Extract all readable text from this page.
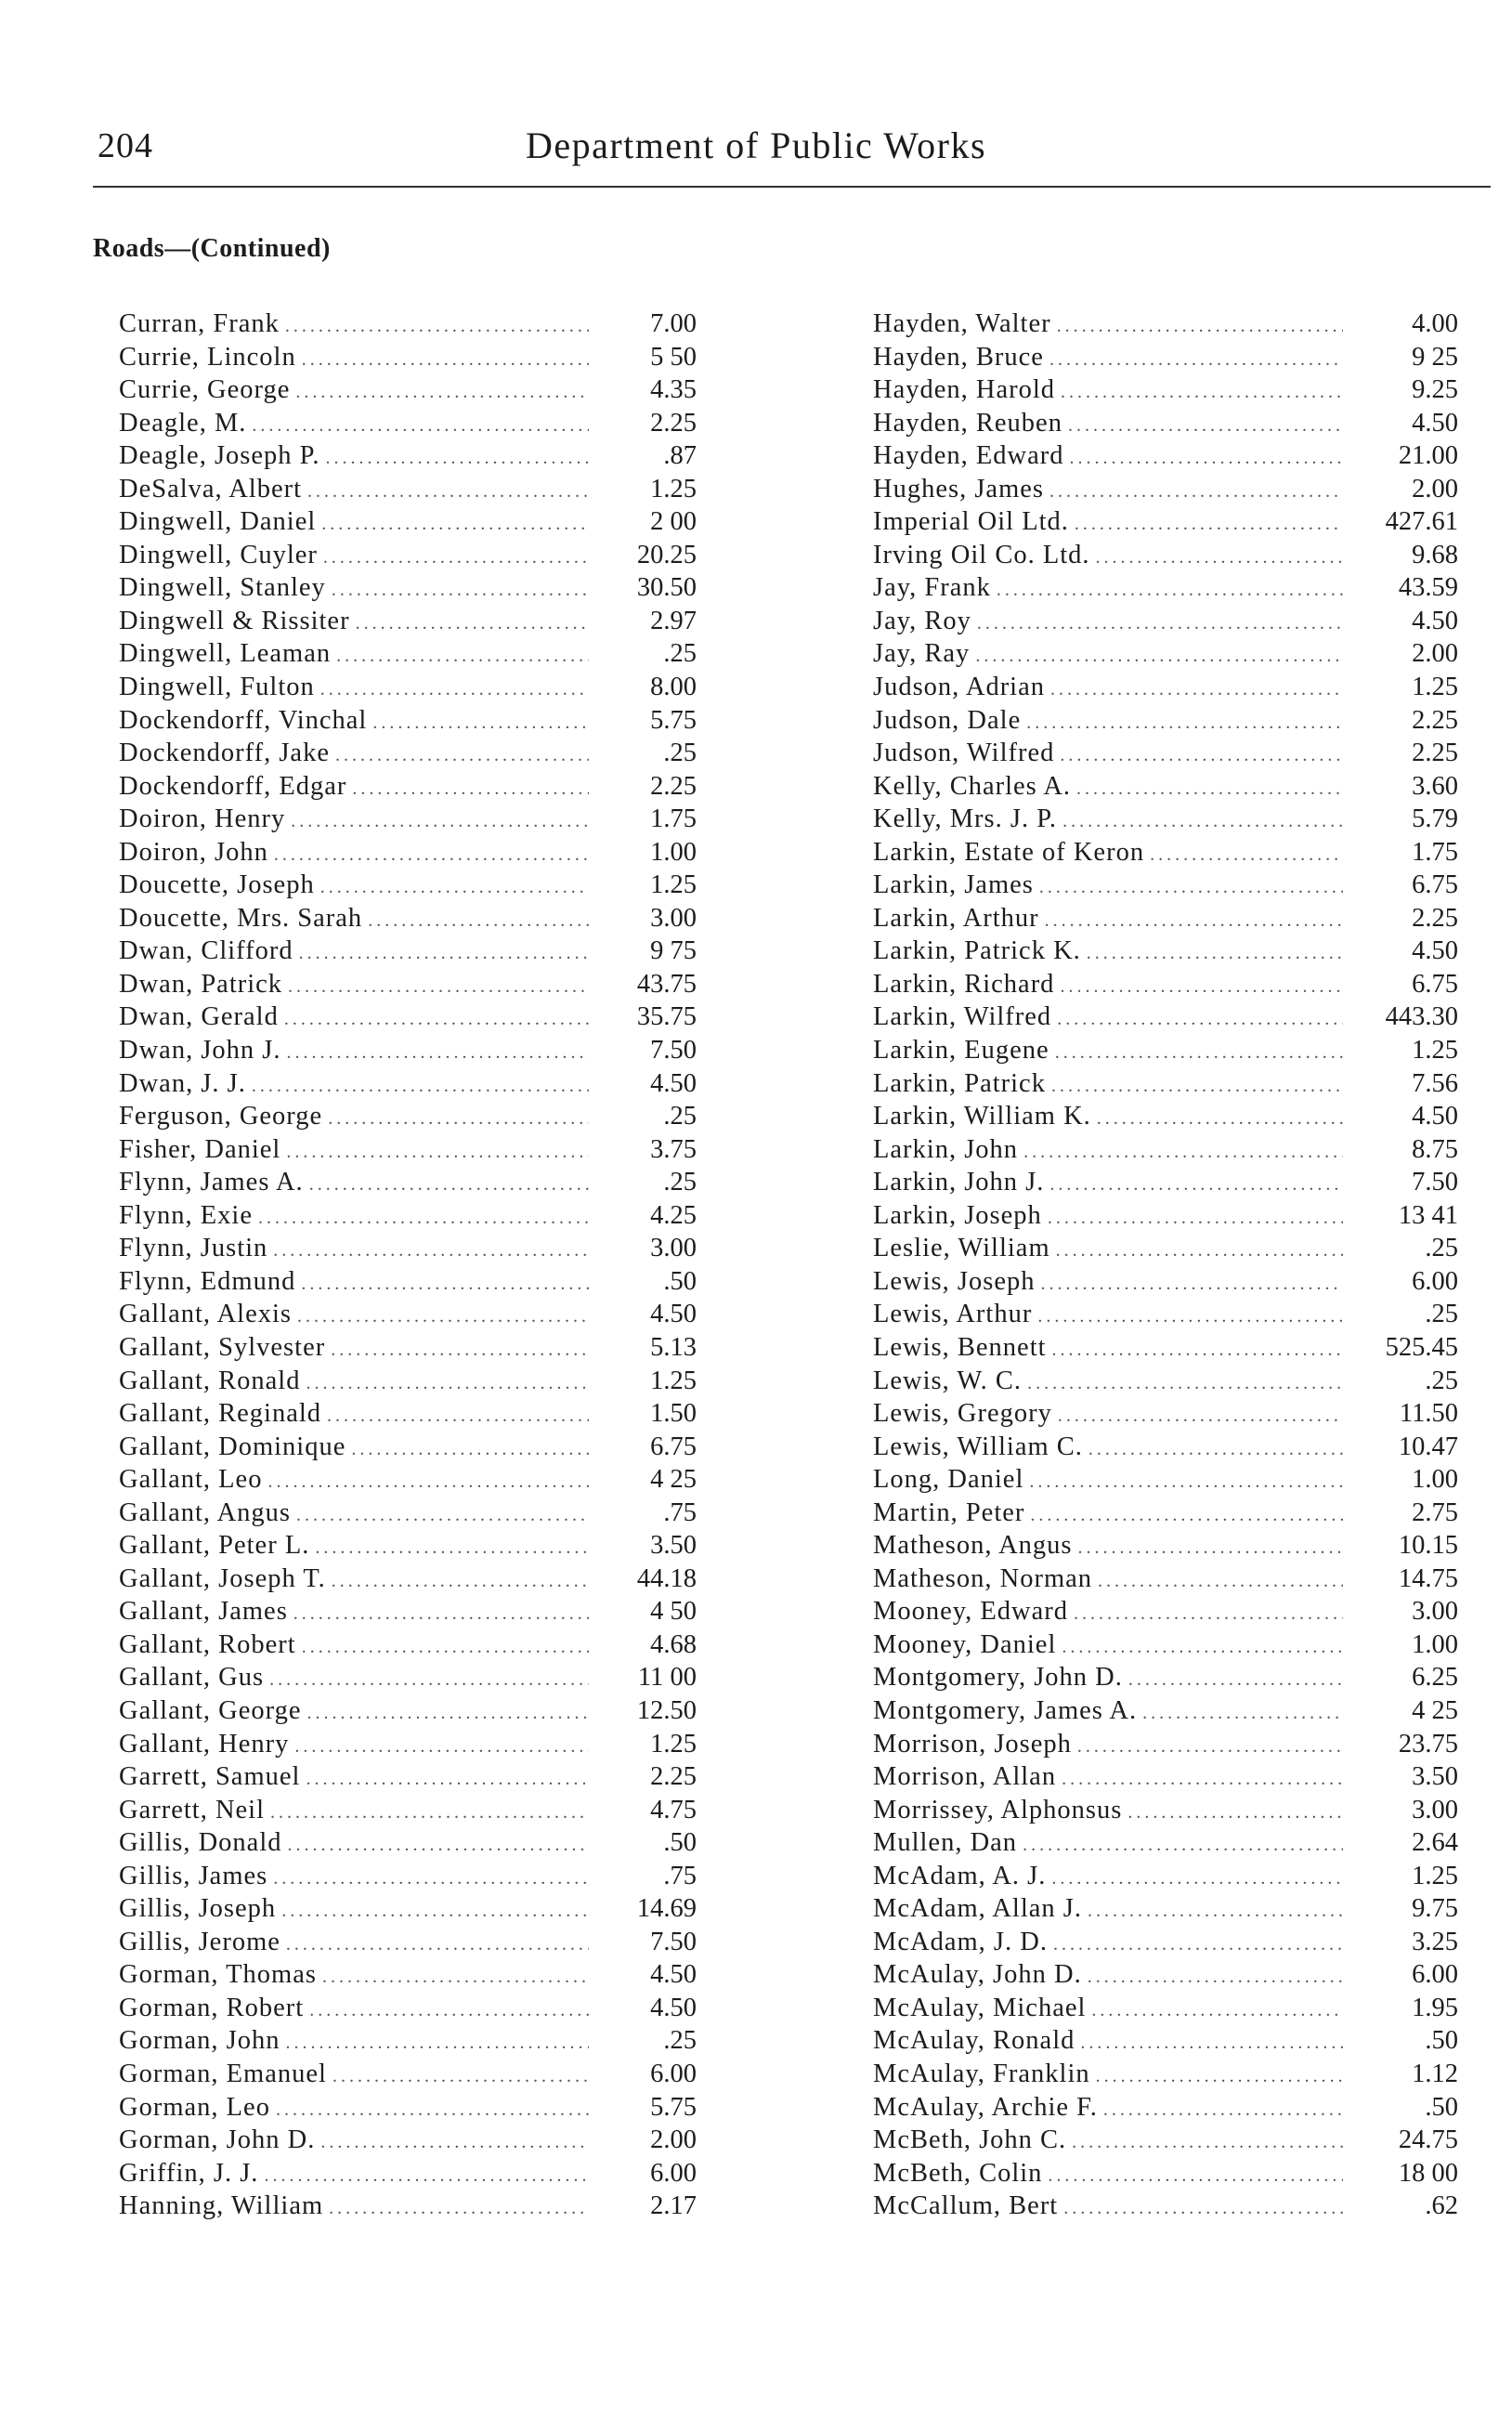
204	Department of Public Works
Roads—(Continued)
Curran, Frank .....	7.00
Currie, Lincoln .....	5 50
Currie, George .....	4.35
Deagle, M. .....	2.25
Deagle, Joseph P. .....	.87
DeSalva, Albert .....	1.25
Dingwell, Daniel .....	2 00
Dingwell, Cuyler .....	20.25
Dingwell, Stanley .....	30.50
Dingwell & Rissiter .....	2.97
Dingwell, Leaman .....	.25
Dingwell, Fulton .....	8.00
Dockendorff, Vinchal .....	5.75
Dockendorff, Jake .....	.25
Dockendorff, Edgar .....	2.25
Doiron, Henry .....	1.75
Doiron, John .....	1.00
Doucette, Joseph .....	1.25
Doucette, Mrs. Sarah .....	3.00
Dwan, Clifford .....	9 75
Dwan, Patrick .....	43.75
Dwan, Gerald .....	35.75
Dwan, John J. .....	7.50
Dwan, J. J. .....	4.50
Ferguson, George .....	.25
Fisher, Daniel .....	3.75
Flynn, James A. .....	.25
Flynn, Exie .....	4.25
Flynn, Justin .....	3.00
Flynn, Edmund .....	.50
Gallant, Alexis .....	4.50
Gallant, Sylvester .....	5.13
Gallant, Ronald .....	1.25
Gallant, Reginald .....	1.50
Gallant, Dominique .....	6.75
Gallant, Leo .....	4 25
Gallant, Angus .....	.75
Gallant, Peter L. .....	3.50
Gallant, Joseph T. .....	44.18
Gallant, James .....	4 50
Gallant, Robert .....	4.68
Gallant, Gus .....	11 00
Gallant, George .....	12.50
Gallant, Henry .....	1.25
Garrett, Samuel .....	2.25
Garrett, Neil .....	4.75
Gillis, Donald .....	.50
Gillis, James .....	.75
Gillis, Joseph .....	14.69
Gillis, Jerome .....	7.50
Gorman, Thomas .....	4.50
Gorman, Robert .....	4.50
Gorman, John .....	.25
Gorman, Emanuel .....	6.00
Gorman, Leo .....	5.75
Gorman, John D. .....	2.00
Griffin, J. J. .....	6.00
Hanning, William .....	2.17
Hayden, Walter .....	4.00
Hayden, Bruce .....	9 25
Hayden, Harold .....	9.25
Hayden, Reuben .....	4.50
Hayden, Edward .....	21.00
Hughes, James .....	2.00
Imperial Oil Ltd. .....	427.61
Irving Oil Co. Ltd. .....	9.68
Jay, Frank .....	43.59
Jay, Roy .....	4.50
Jay, Ray .....	2.00
Judson, Adrian .....	1.25
Judson, Dale .....	2.25
Judson, Wilfred .....	2.25
Kelly, Charles A. .....	3.60
Kelly, Mrs. J. P. .....	5.79
Larkin, Estate of Keron .....	1.75
Larkin, James .....	6.75
Larkin, Arthur .....	2.25
Larkin, Patrick K. .....	4.50
Larkin, Richard .....	6.75
Larkin, Wilfred .....	443.30
Larkin, Eugene .....	1.25
Larkin, Patrick .....	7.56
Larkin, William K. .....	4.50
Larkin, John .....	8.75
Larkin, John J. .....	7.50
Larkin, Joseph .....	13 41
Leslie, William .....	.25
Lewis, Joseph .....	6.00
Lewis, Arthur .....	.25
Lewis, Bennett .....	525.45
Lewis, W. C. .....	.25
Lewis, Gregory .....	11.50
Lewis, William C. .....	10.47
Long, Daniel .....	1.00
Martin, Peter .....	2.75
Matheson, Angus .....	10.15
Matheson, Norman .....	14.75
Mooney, Edward .....	3.00
Mooney, Daniel .....	1.00
Montgomery, John D. .....	6.25
Montgomery, James A. .....	4 25
Morrison, Joseph .....	23.75
Morrison, Allan .....	3.50
Morrissey, Alphonsus .....	3.00
Mullen, Dan .....	2.64
McAdam, A. J. .....	1.25
McAdam, Allan J. .....	9.75
McAdam, J. D. .....	3.25
McAulay, John D. .....	6.00
McAulay, Michael .....	1.95
McAulay, Ronald .....	.50
McAulay, Franklin .....	1.12
McAulay, Archie F. .....	.50
McBeth, John C. .....	24.75
McBeth, Colin .....	18 00
McCallum, Bert .....	.62
